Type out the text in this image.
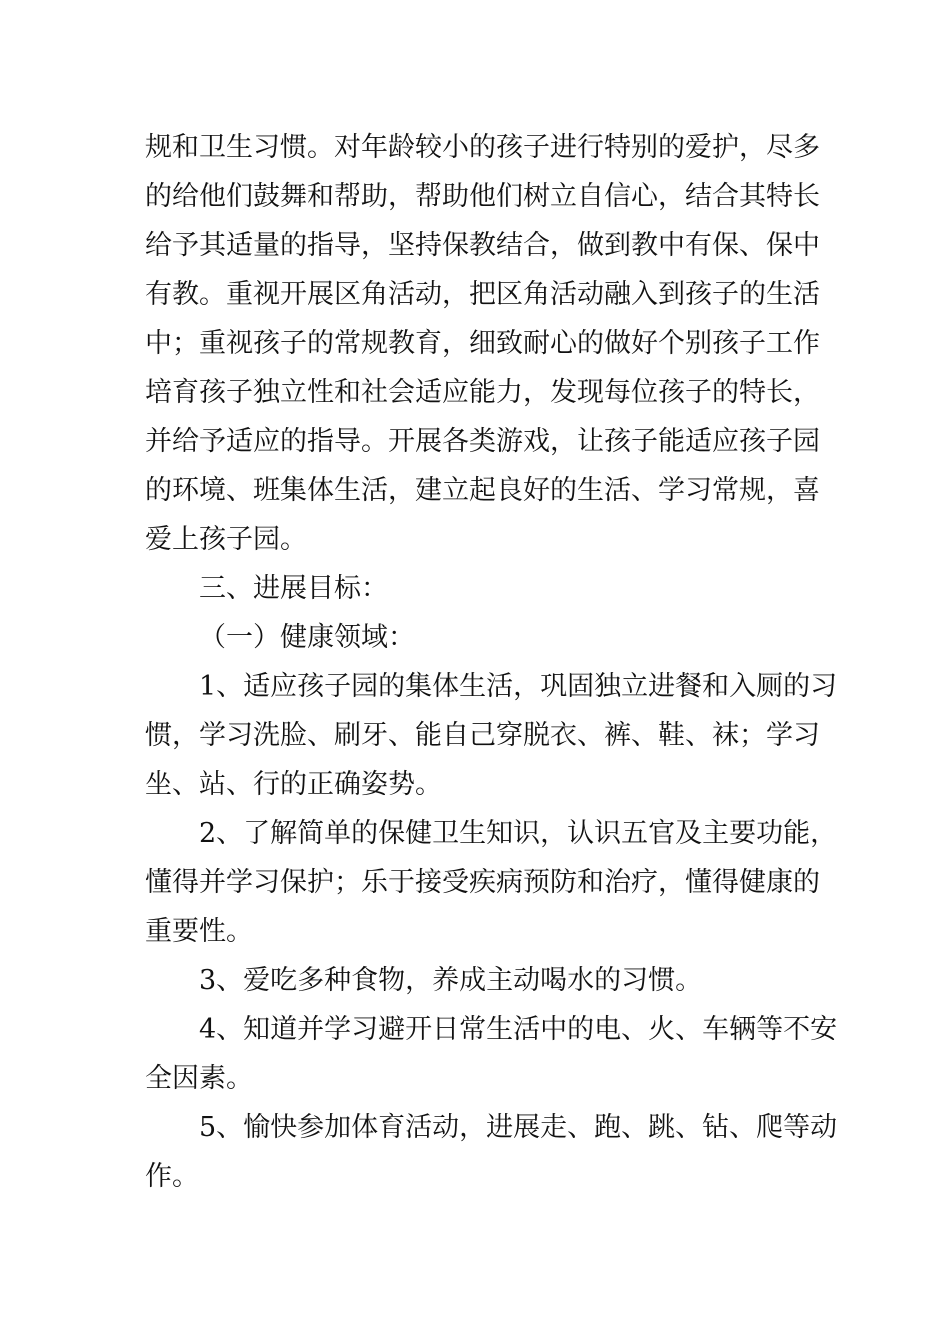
规和卫生习惯。对年龄较小的孩子进行特别的爱护，尽多
的给他们鼓舞和帮助，帮助他们树立自信心，结合其特长
给予其适量的指导，坚持保教结合，做到教中有保、保中
有教。重视开展区角活动，把区角活动融入到孩子的生活
中；重视孩子的常规教育，细致耐心的做好个别孩子工作
培育孩子独立性和社会适应能力，发现每位孩子的特长，
并给予适应的指导。开展各类游戏，让孩子能适应孩子园
的环境、班集体生活，建立起良好的生活、学习常规，喜
爱上孩子园。
三、进展目标：
（一）健康领域：
1、适应孩子园的集体生活，巩固独立进餐和入厕的习
惯，学习洗脸、刷牙、能自己穿脱衣、裤、鞋、袜；学习
坐、站、行的正确姿势。
2、了解简单的保健卫生知识，认识五官及主要功能，
懂得并学习保护；乐于接受疾病预防和治疗，懂得健康的
重要性。
3、爱吃多种食物，养成主动喝水的习惯。
4、知道并学习避开日常生活中的电、火、车辆等不安
全因素。
5、愉快参加体育活动，进展走、跑、跳、钻、爬等动
作。
